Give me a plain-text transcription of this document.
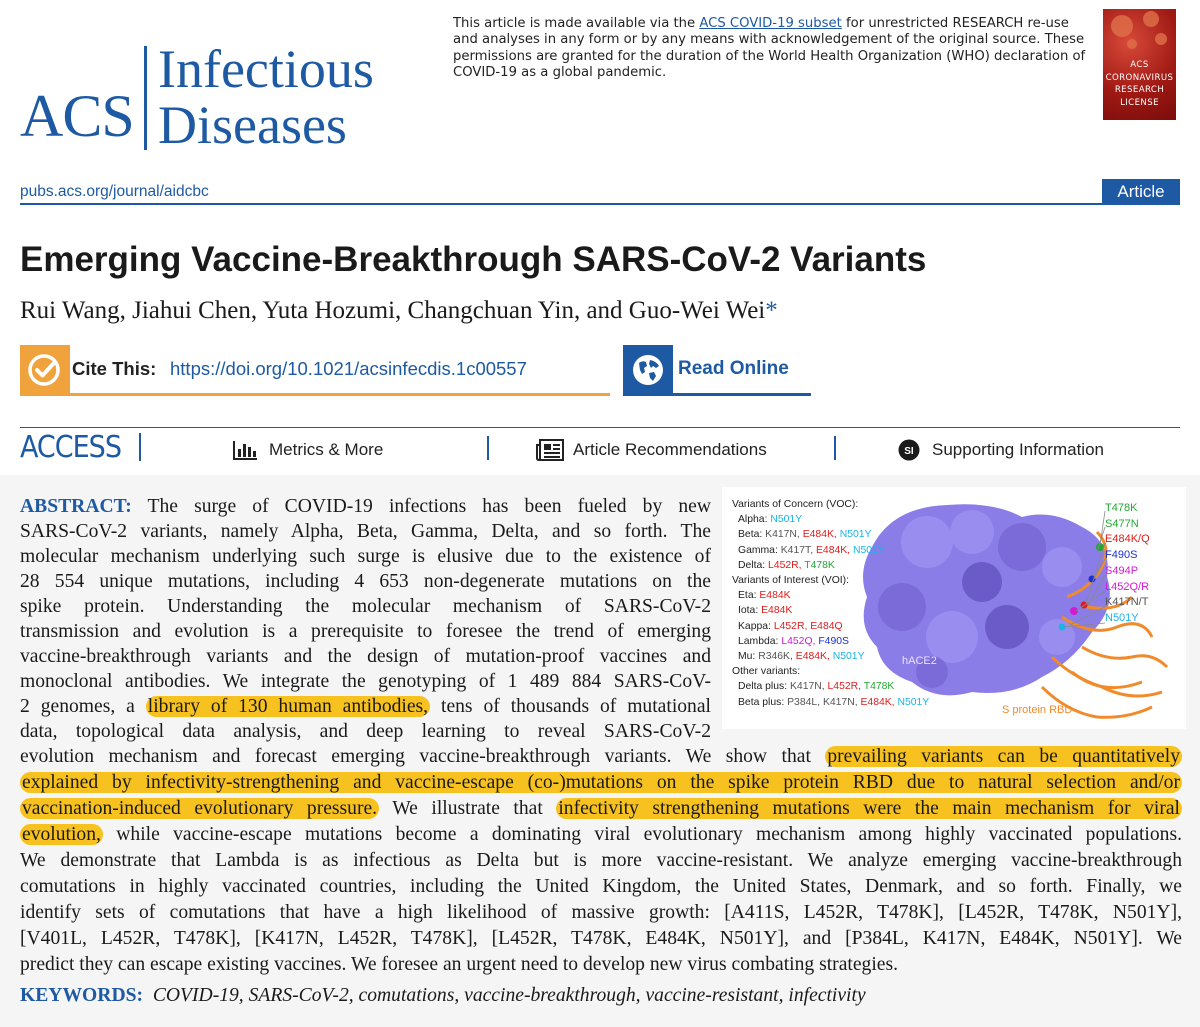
ACS
Infectious
Diseases
This article is made available via the ACS COVID-19 subset for unrestricted RESEARCH re-use and analyses in any form or by any means with acknowledgement of the original source. These permissions are granted for the duration of the World Health Organization (WHO) declaration of COVID-19 as a global pandemic.	ACS
CORONAVIRUS
RESEARCH
LICENSE
pubs.acs.org/journal/aidcbc	Article
Emerging Vaccine-Breakthrough SARS-CoV-2 Variants
Rui Wang, Jiahui Chen, Yuta Hozumi, Changchuan Yin, and Guo-Wei Wei*
Cite This: https://doi.org/10.1021/acsinfecdis.1c00557	Read Online
ACCESS	Metrics & More	Article Recommendations	SI Supporting Information
ABSTRACT: The surge of COVID-19 infections has been fueled by new
SARS-CoV-2 variants, namely Alpha, Beta, Gamma, Delta, and so forth. The
molecular mechanism underlying such surge is elusive due to the existence of
28 554 unique mutations, including 4 653 non-degenerate mutations on the
spike protein. Understanding the molecular mechanism of SARS-CoV-2
transmission and evolution is a prerequisite to foresee the trend of emerging
vaccine-breakthrough variants and the design of mutation-proof vaccines and
monoclonal antibodies. We integrate the genotyping of 1 489 884 SARS-CoV-
2 genomes, a library of 130 human antibodies, tens of thousands of mutational
data, topological data analysis, and deep learning to reveal SARS-CoV-2
evolution mechanism and forecast emerging vaccine-breakthrough variants. We show that prevailing variants can be quantitatively
explained by infectivity-strengthening and vaccine-escape (co-)mutations on the spike protein RBD due to natural selection and/or
vaccination-induced evolutionary pressure. We illustrate that infectivity strengthening mutations were the main mechanism for viral
evolution, while vaccine-escape mutations become a dominating viral evolutionary mechanism among highly vaccinated populations.
We demonstrate that Lambda is as infectious as Delta but is more vaccine-resistant. We analyze emerging vaccine-breakthrough
comutations in highly vaccinated countries, including the United Kingdom, the United States, Denmark, and so forth. Finally, we
identify sets of comutations that have a high likelihood of massive growth: [A411S, L452R, T478K], [L452R, T478K, N501Y],
[V401L, L452R, T478K], [K417N, L452R, T478K], [L452R, T478K, E484K, N501Y], and [P384L, K417N, E484K, N501Y]. We
predict they can escape existing vaccines. We foresee an urgent need to develop new virus combating strategies.
KEYWORDS: COVID-19, SARS-CoV-2, comutations, vaccine-breakthrough, vaccine-resistant, infectivity
Variants of Concern (VOC):
Alpha: N501Y
Beta: K417N, E484K, N501Y
Gamma: K417T, E484K, N501Y
Delta: L452R, T478K
Variants of Interest (VOI):
Eta: E484K
Iota: E484K
Kappa: L452R, E484Q
Lambda: L452Q, F490S
Mu: R346K, E484K, N501Y
Other variants:
Delta plus: K417N, L452R, T478K
Beta plus: P384L, K417N, E484K, N501Y
T478K
S477N
E484K/Q
F490S
S494P
L452Q/R
K417N/T
N501Y
hACE2
S protein RBD
